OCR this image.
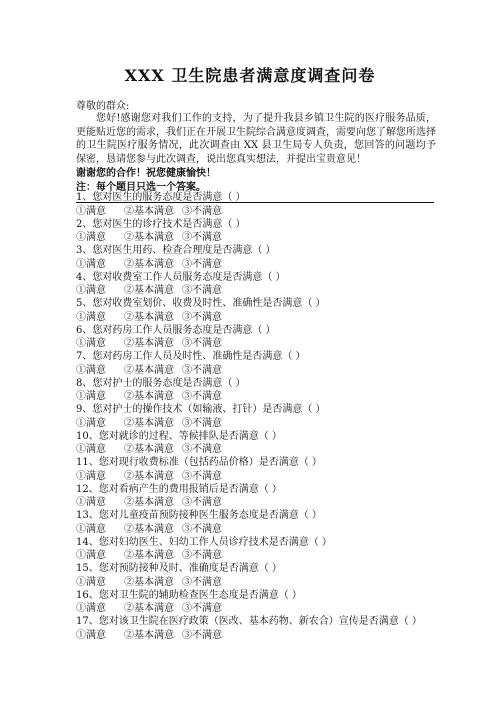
XXX 卫生院患者满意度调查问卷
尊敬的群众:
您好!感谢您对我们工作的支持，为了提升我县乡镇卫生院的医疗服务品质，更能贴近您的需求，我们正在开展卫生院综合满意度调查，需要向您了解您所选择的卫生院医疗服务情况，此次调查由 XX 县卫生局专人负责，您回答的问题均予保密，恳请您参与此次调查，说出您真实想法，并提出宝贵意见！
谢谢您的合作！祝您健康愉快！
注：每个题目只选一个答案。
1、您对医生的服务态度是否满意（ ）
①满意 ②基本满意 ③不满意
2、您对医生的诊疗技术是否满意（ ）
①满意 ②基本满意 ③不满意
3、您对医生用药、检查合理度是否满意（ ）
①满意 ②基本满意 ③不满意
4、您对收费室工作人员服务态度是否满意（ ）
①满意 ②基本满意 ③不满意
5、您对收费室划价、收费及时性、准确性是否满意（ ）
①满意 ②基本满意 ③不满意
6、您对药房工作人员服务态度是否满意（ ）
①满意 ②基本满意 ③不满意
7、您对药房工作人员及时性、准确性是否满意（ ）
①满意 ②基本满意 ③不满意
8、您对护士的服务态度是否满意（ ）
①满意 ②基本满意 ③不满意
9、您对护士的操作技术（如输液、打针）是否满意（ ）
①满意 ②基本满意 ③不满意
10、您对就诊的过程、等候排队是否满意（ ）
①满意 ②基本满意 ③不满意
11、您对现行收费标准（包括药品价格）是否满意（ ）
①满意 ②基本满意 ③不满意
12、您对看病产生的费用报销后是否满意（ ）
①满意 ②基本满意 ③不满意
13、您对儿童疫苗预防接种医生服务态度是否满意（ ）
①满意 ②基本满意 ③不满意
14、您对妇幼医生、妇幼工作人员诊疗技术是否满意（ ）
①满意 ②基本满意 ③不满意
15、您对预防接种及时、准确度是否满意（ ）
①满意 ②基本满意 ③不满意
16、您对卫生院的辅助检查医生态度是否满意（ ）
①满意 ②基本满意 ③不满意
17、您对该卫生院在医疗政策（医改、基本药物、新农合）宣传是否满意（ ）
①满意 ②基本满意 ③不满意
